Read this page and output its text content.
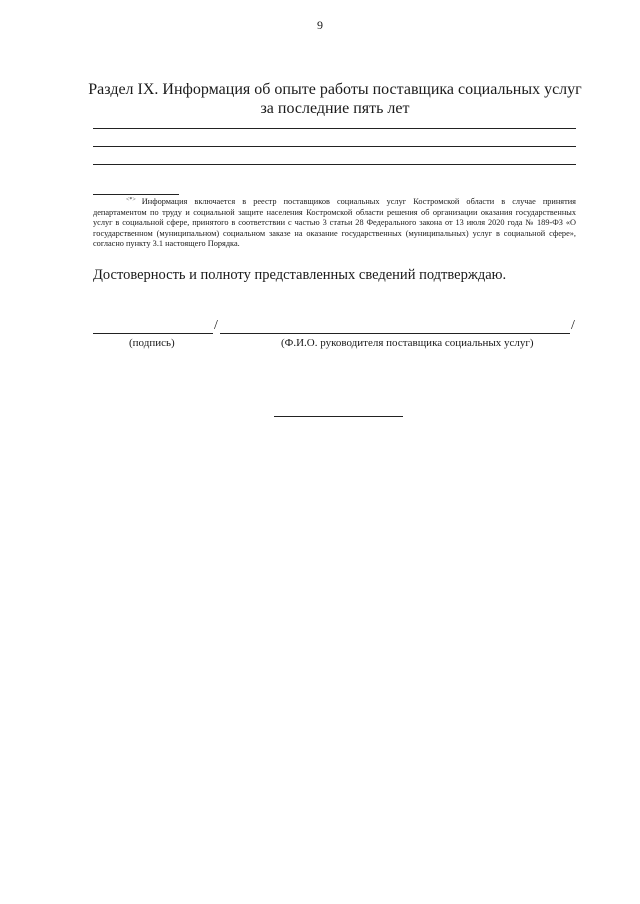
9
Раздел IX. Информация об опыте работы поставщика социальных услуг
за последние пять лет

<*> Информация включается в реестр поставщиков социальных услуг Костромской области в случае принятия департаментом по труду и социальной защите населения Костромской области решения об организации оказания государственных услуг в социальной сфере, принятого в соответствии с частью 3 статьи 28 Федерального закона от 13 июля 2020 года № 189-ФЗ «О государственном (муниципальном) социальном заказе на оказание государственных (муниципальных) услуг в социальной сфере», согласно пункту 3.1 настоящего Порядка.

Достоверность и полноту представленных сведений подтверждаю.

/	/
(подпись)	(Ф.И.О. руководителя поставщика социальных услуг)
